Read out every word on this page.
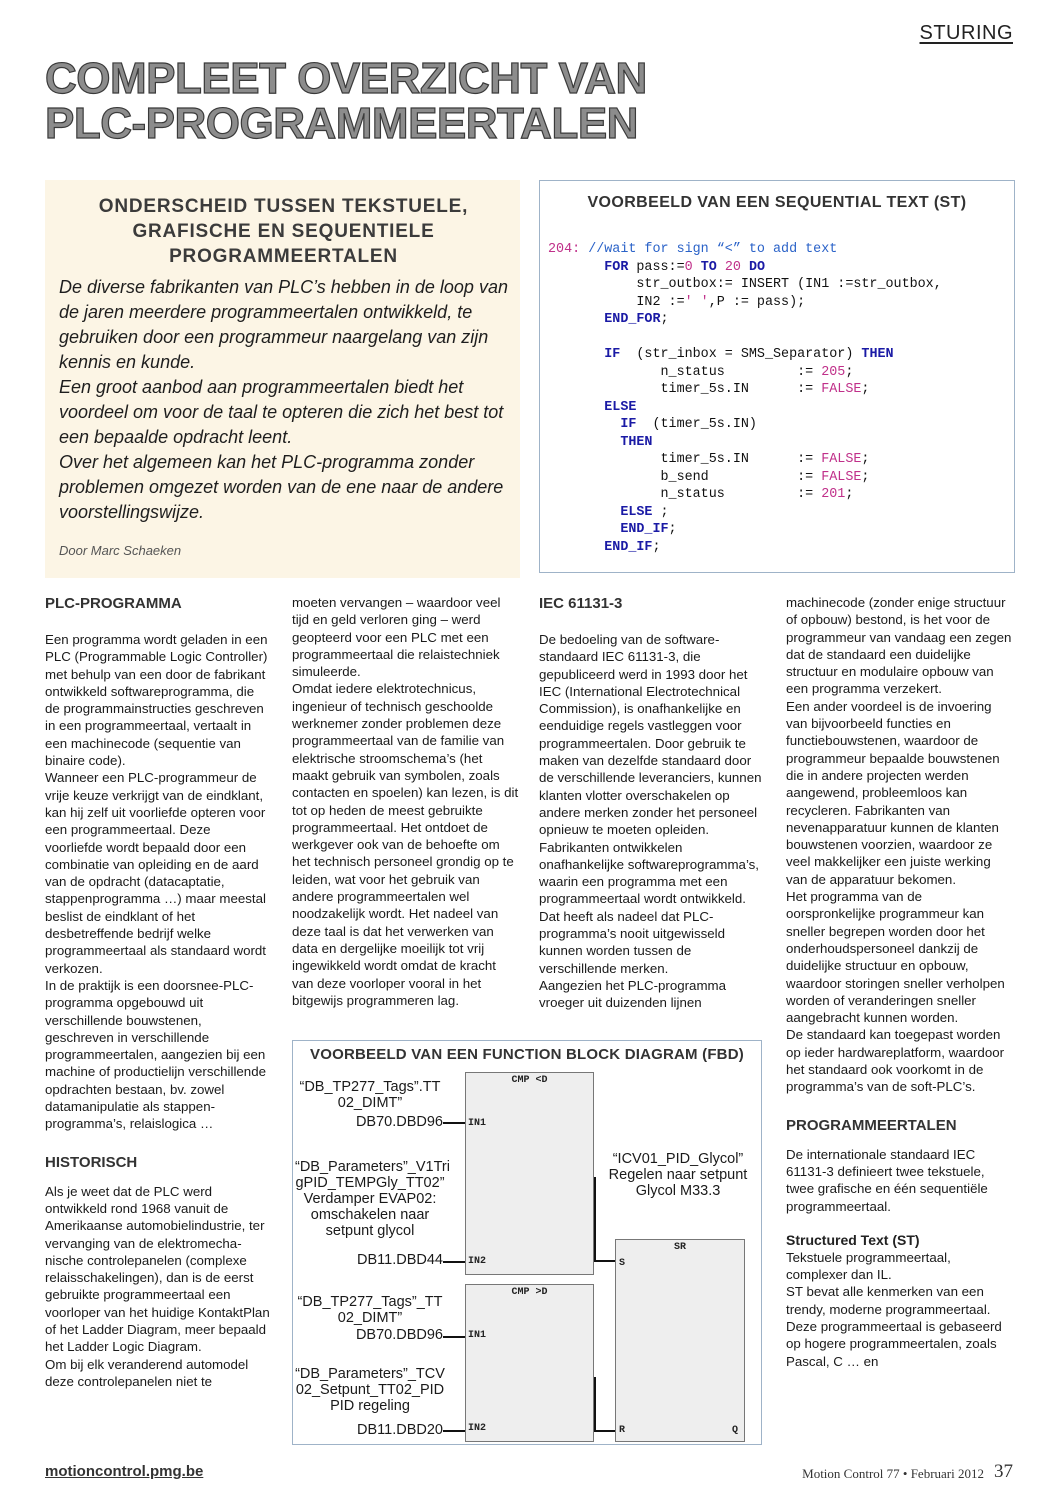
STURING
COMPLEET OVERZICHT VAN
PLC-PROGRAMMEERTALEN
ONDERSCHEID TUSSEN TEKSTUELE, GRAFISCHE EN SEQUENTIELE PROGRAMMEERTALEN

De diverse fabrikanten van PLC’s hebben in de loop van de jaren meerdere programmeertalen ontwikkeld, te gebruiken door een programmeur naargelang van zijn kennis en kunde.

Een groot aanbod aan programmeertalen biedt het voordeel om voor de taal te opteren die zich het best tot een bepaalde opdracht leent.

Over het algemeen kan het PLC-programma zonder problemen omgezet worden van de ene naar de andere voorstellingswijze.

Door Marc Schaeken
VOORBEELD VAN EEN SEQUENTIAL TEXT (ST)
204: //wait for sign “<” to add text
FOR pass:=0 TO 20 DO
str_outbox:= INSERT (IN1 :=str_outbox,
IN2 :=' ',P := pass);
END_FOR;
IF  (str_inbox = SMS_Separator) THEN
n_status         := 205;
timer_5s.IN      := FALSE;
ELSE
IF  (timer_5s.IN)
THEN
timer_5s.IN      := FALSE;
b_send           := FALSE;
n_status         := 201;
ELSE ;
END_IF;
END_IF;
PLC-PROGRAMMA

Een programma wordt geladen in een PLC (Programmable Logic Controller) met behulp van een door de fabrikant ontwikkeld softwareprogramma, die de programmainstructies geschreven in een programmeertaal, vertaalt in een machinecode (sequentie van binaire code).

Wanneer een PLC-programmeur de vrije keuze verkrijgt van de eindklant, kan hij zelf uit voorliefde opteren voor een programmeertaal. Deze voorliefde wordt bepaald door een combinatie van opleiding en de aard van de opdracht (datacaptatie, stappenprogramma …) maar meestal beslist de eindklant of het desbetreffende bedrijf welke programmeertaal als standaard wordt verkozen.

In de praktijk is een doorsnee-PLC-programma opgebouwd uit verschillende bouwstenen, geschreven in verschillende programmeertalen, aangezien bij een machine of productielijn verschillende opdrachten bestaan, bv. zowel datamanipulatie als stappenprogramma’s, relaislogica …

HISTORISCH

Als je weet dat de PLC werd ontwikkeld rond 1968 vanuit de Amerikaanse automobielindustrie, ter vervanging van de elektromechanische controlepanelen (complexe relaisschakelingen), dan is de eerst gebruikte programmeertaal een voorloper van het huidige KontaktPlan of het Ladder Diagram, meer bepaald het Ladder Logic Diagram.

Om bij elk veranderend automodel deze controlepanelen niet te

moeten vervangen – waardoor veel tijd en geld verloren ging – werd geopteerd voor een PLC met een programmeertaal die relaistechniek simuleerde.

Omdat iedere elektrotechnicus, ingenieur of technisch geschoolde werknemer zonder problemen deze programmeertaal van de familie van elektrische stroomschema’s (het maakt gebruik van symbolen, zoals contacten en spoelen) kan lezen, is dit tot op heden de meest gebruikte programmeertaal. Het ontdoet de werkgever ook van de behoefte om het technisch personeel grondig op te leiden, wat voor het gebruik van andere programmeertalen wel noodzakelijk wordt. Het nadeel van deze taal is dat het verwerken van data en dergelijke moeilijk tot vrij ingewikkeld wordt omdat de kracht van deze voorloper vooral in het bitgewijs programmeren lag.

IEC 61131-3

De bedoeling van de softwarestandaard IEC 61131-3, die gepubliceerd werd in 1993 door het IEC (International Electrotechnical Commission), is onafhankelijke en eenduidige regels vastleggen voor programmeertalen. Door gebruik te maken van dezelfde standaard door de verschillende leveranciers, kunnen klanten vlotter overschakelen op andere merken zonder het personeel opnieuw te moeten opleiden. Fabrikanten ontwikkelen onafhankelijke softwareprogramma’s, waarin een programma met een programmeertaal wordt ontwikkeld. Dat heeft als nadeel dat PLC-programma’s nooit uitgewisseld kunnen worden tussen de verschillende merken.

Aangezien het PLC-programma vroeger uit duizenden lijnen

machinecode (zonder enige structuur of opbouw) bestond, is het voor de programmeur van vandaag een zegen dat de standaard een duidelijke structuur en modulaire opbouw van een programma verzekert.

Een ander voordeel is de invoering van bijvoorbeeld functies en functiebouwstenen, waardoor de programmeur bepaalde bouwstenen die in andere projecten werden aangewend, probleemloos kan recycleren. Fabrikanten van nevenapparatuur kunnen de klanten bouwstenen voorzien, waardoor ze veel makkelijker een juiste werking van de apparatuur bekomen.

Het programma van de oorspronkelijke programmeur kan sneller begrepen worden door het onderhoudspersoneel dankzij de duidelijke structuur en opbouw, waardoor storingen sneller verholpen worden of veranderingen sneller aangebracht kunnen worden.

De standaard kan toegepast worden op ieder hardwareplatform, waardoor het standaard ook voorkomt in de programma’s van de soft-PLC’s.

PROGRAMMEERTALEN

De internationale standaard IEC 61131-3 definieert twee tekstuele, twee grafische en één sequentiële programmeertaal.

Structured Text (ST)

Tekstuele programmeertaal, complexer dan IL.

ST bevat alle kenmerken van een trendy, moderne programmeertaal. Deze programmeertaal is gebaseerd op hogere programmeertalen, zoals Pascal, C … en

VOORBEELD VAN EEN FUNCTION BLOCK DIAGRAM (FBD)
“DB_TP277_Tags”.TT 02_DIMT”
DB70.DBD96
“DB_Parameters”_V1Tri gPID_TEMPGly_TT02” Verdamper EVAP02: omschakelen naar setpunt glycol
DB11.DBD44
“DB_TP277_Tags”_TT 02_DIMT”
DB70.DBD96
“DB_Parameters”_TCV 02_Setpunt_TT02_PID PID regeling
DB11.DBD20
CMP <D
IN1
IN2
CMP >D
IN1
IN2
“ICV01_PID_Glycol” Regelen naar setpunt Glycol M33.3
SR
S
R	Q
motioncontrol.pmg.be	Motion Control 77 • Februari 2012 37
